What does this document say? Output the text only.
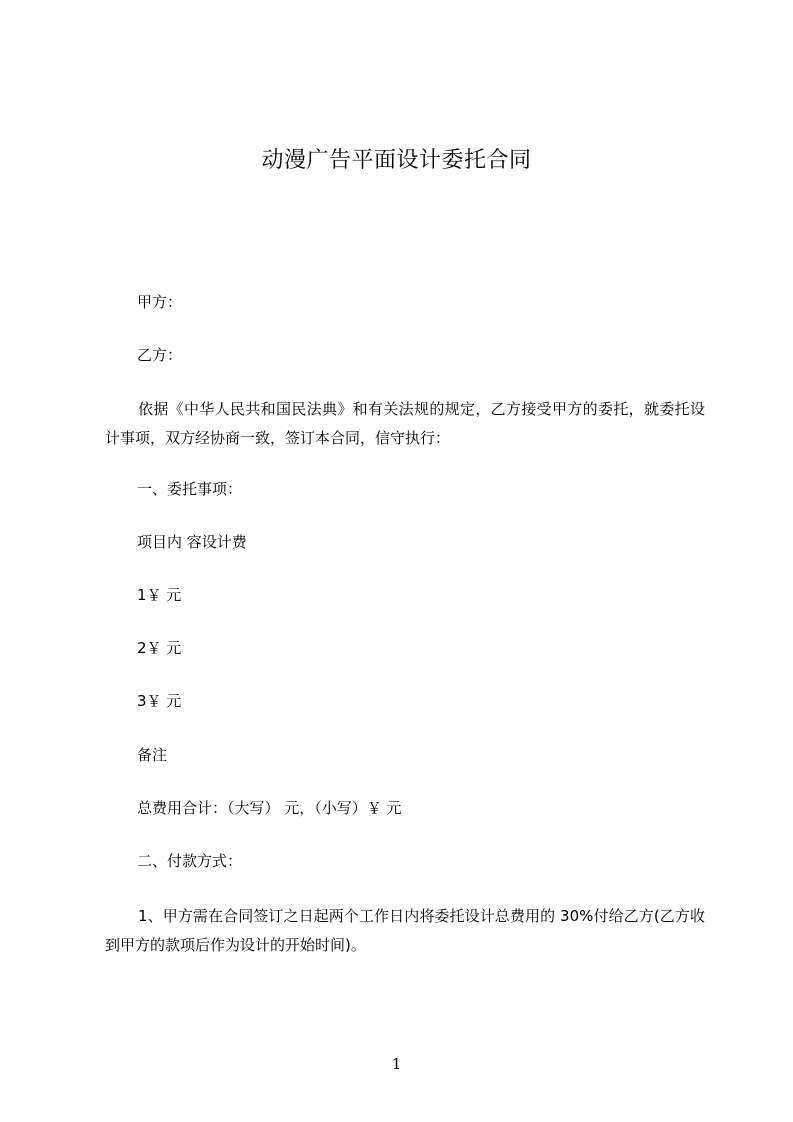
动漫广告平面设计委托合同
甲方：
乙方：
依据《中华人民共和国民法典》和有关法规的规定，乙方接受甲方的委托，就委托设计事项，双方经协商一致，签订本合同，信守执行：
一、委托事项：
项目内 容设计费
1￥ 元
2￥ 元
3￥ 元
备注
总费用合计：（大写） 元，（小写）￥ 元
二、付款方式：
1、甲方需在合同签订之日起两个工作日内将委托设计总费用的 30%付给乙方(乙方收到甲方的款项后作为设计的开始时间)。
1
